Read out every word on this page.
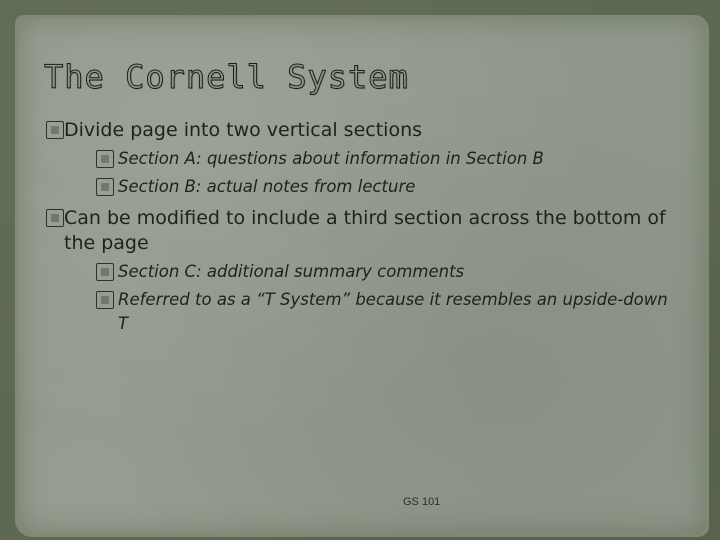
The Cornell System
Divide page into two vertical sections
Section A: questions about information in Section B
Section B: actual notes from lecture
Can be modified to include a third section across the bottom of the page
Section C: additional summary comments
Referred to as a “T System” because it resembles an upside-down T
GS 101
